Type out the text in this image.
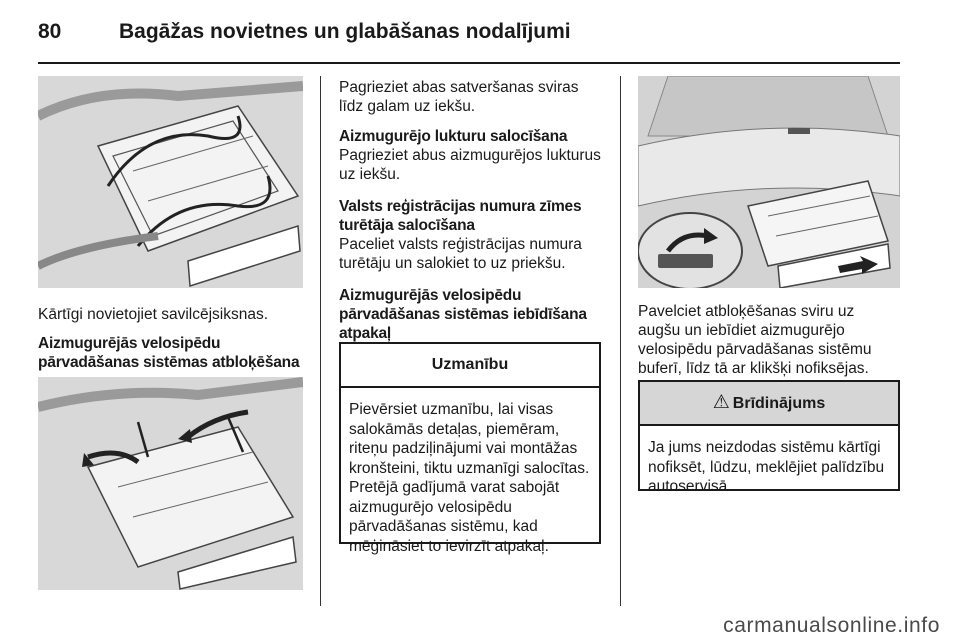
80	Bagāžas novietnes un glabāšanas nodalījumi

Kārtīgi novietojiet savilcējsiksnas.

Aizmugurējās velosipēdu pārvadāšanas sistēmas atbloķēšana

Pagrieziet abas satveršanas sviras līdz galam uz iekšu.

Aizmugurējo lukturu salocīšana

Pagrieziet abus aizmugurējos lukturus uz iekšu.

Valsts reģistrācijas numura zīmes turētāja salocīšana

Paceliet valsts reģistrācijas numura turētāju un salokiet to uz priekšu.

Aizmugurējās velosipēdu pārvadāšanas sistēmas iebīdīšana atpakaļ

Uzmanību
Pievērsiet uzmanību, lai visas salokāmās detaļas, piemēram, riteņu padziļinājumi vai montāžas kronšteini, tiktu uzmanīgi salocītas. Pretējā gadījumā varat sabojāt aizmugurējo velosipēdu pārvadāšanas sistēmu, kad mēģināsiet to ievirzīt atpakaļ.

Pavelciet atbloķēšanas sviru uz augšu un iebīdiet aizmugurējo velosipēdu pārvadāšanas sistēmu buferī, līdz tā ar klikšķi nofiksējas.

⚠ Brīdinājums
Ja jums neizdodas sistēmu kārtīgi nofiksēt, lūdzu, meklējiet palīdzību autoservisā.
carmanualsonline.info
